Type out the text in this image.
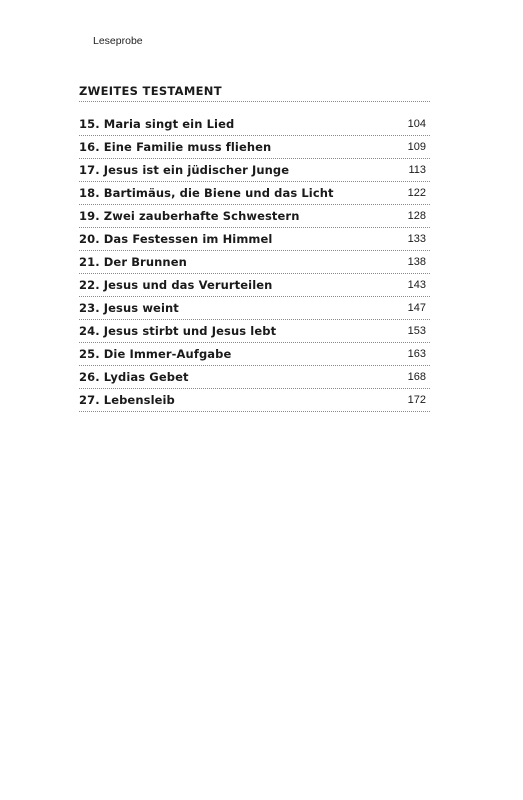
Leseprobe
ZWEITES TESTAMENT
15. Maria singt ein Lied	104
16. Eine Familie muss fliehen	109
17. Jesus ist ein jüdischer Junge	113
18. Bartimäus, die Biene und das Licht	122
19. Zwei zauberhafte Schwestern	128
20. Das Festessen im Himmel	133
21. Der Brunnen	138
22. Jesus und das Verurteilen	143
23. Jesus weint	147
24. Jesus stirbt und Jesus lebt	153
25. Die Immer-Aufgabe	163
26. Lydias Gebet	168
27. Lebensleib	172
